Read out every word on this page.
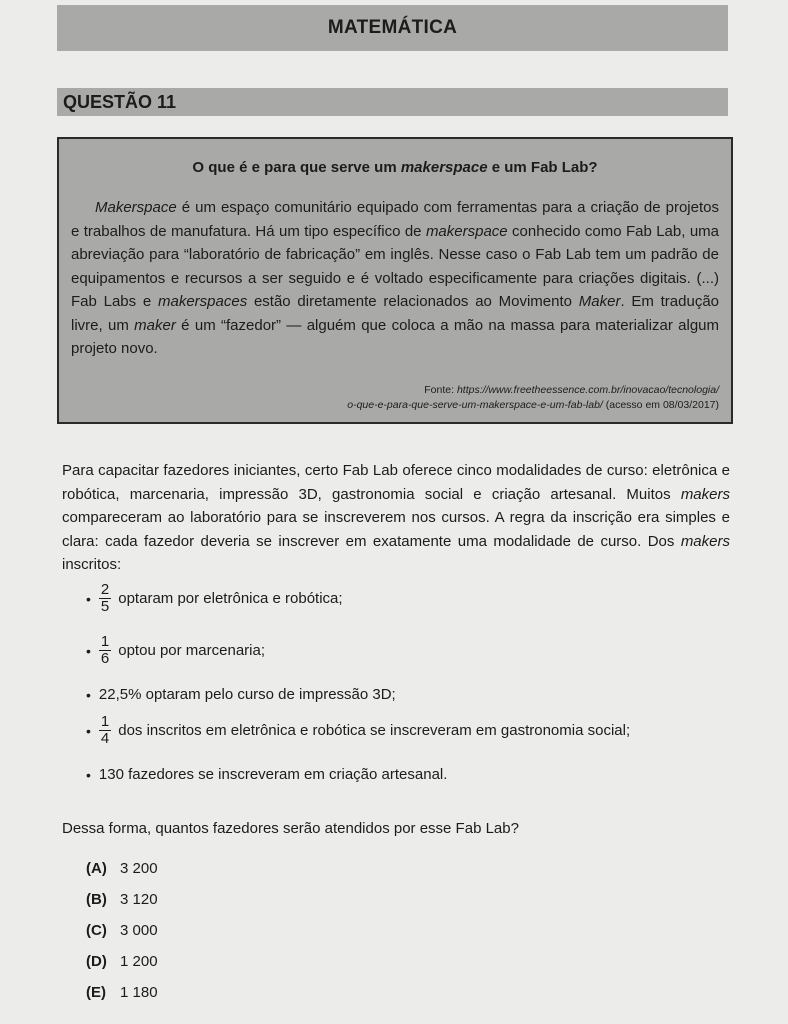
MATEMÁTICA
QUESTÃO 11
O que é e para que serve um makerspace e um Fab Lab?

Makerspace é um espaço comunitário equipado com ferramentas para a criação de projetos e trabalhos de manufatura. Há um tipo específico de makerspace conhecido como Fab Lab, uma abreviação para “laboratório de fabricação” em inglês. Nesse caso o Fab Lab tem um padrão de equipamentos e recursos a ser seguido e é voltado especificamente para criações digitais. (...) Fab Labs e makerspaces estão diretamente relacionados ao Movimento Maker. Em tradução livre, um maker é um “fazedor” — alguém que coloca a mão na massa para materializar algum projeto novo.

Fonte: https://www.freetheessence.com.br/inovacao/tecnologia/
o-que-e-para-que-serve-um-makerspace-e-um-fab-lab/ (acesso em 08/03/2017)

Para capacitar fazedores iniciantes, certo Fab Lab oferece cinco modalidades de curso: eletrônica e robótica, marcenaria, impressão 3D, gastronomia social e criação artesanal. Muitos makers compareceram ao laboratório para se inscreverem nos cursos. A regra da inscrição era simples e clara: cada fazedor deveria se inscrever em exatamente uma modalidade de curso. Dos makers inscritos:

• $\frac{2}{5}$ optaram por eletrônica e robótica;
• $\frac{1}{6}$ optou por marcenaria;
• 22,5% optaram pelo curso de impressão 3D;
• $\frac{1}{4}$ dos inscritos em eletrônica e robótica se inscreveram em gastronomia social;
• 130 fazedores se inscreveram em criação artesanal.
Dessa forma, quantos fazedores serão atendidos por esse Fab Lab?
(A) 3 200
(B) 3 120
(C) 3 000
(D) 1 200
(E) 1 180
